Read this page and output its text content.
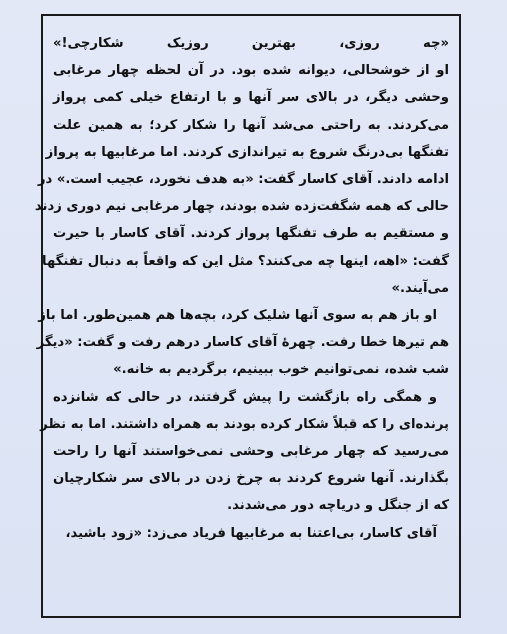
«چه روزی، بهترین روزیک شکارچی!»
او از خوشحالی، دیوانه شده بود. در آن لحظه چهار مرغابی
وحشی دیگر، در بالای سر آنها و با ارتفاع خیلی کمی پرواز
می‌کردند. به راحتی می‌شد آنها را شکار کرد؛ به همین علت
تفنگها بی‌درنگ شروع به تیراندازی کردند. اما مرغابیها به پرواز
ادامه دادند. آقای کاسار گفت: «به هدف نخورد، عجیب است.» در
حالی که همه شگفت‌زده شده بودند، چهار مرغابی نیم دوری زدند
و مستقیم به طرف تفنگها پرواز کردند. آقای کاسار با حیرت
گفت: «اهه، اینها چه می‌کنند؟ مثل این که واقعاً به دنبال تفنگها
می‌آیند.»
او باز هم به سوی آنها شلیک کرد، بچه‌ها هم همین‌طور. اما باز
هم تیرها خطا رفت. چهرهٔ آقای کاسار درهم رفت و گفت: «دیگر
شب شده، نمی‌توانیم خوب ببینیم، برگردیم به خانه.»
و همگی راه بازگشت را پیش گرفتند، در حالی که شانزده
پرنده‌ای را که قبلاً شکار کرده بودند به همراه داشتند. اما به نظر
می‌رسید که چهار مرغابی وحشی نمی‌خواستند آنها را راحت
بگذارند. آنها شروع کردند به چرخ زدن در بالای سر شکارچیان
که از جنگل و دریاچه دور می‌شدند.
آقای کاسار، بی‌اعتنا به مرغابیها فریاد می‌زد: «زود باشید،
